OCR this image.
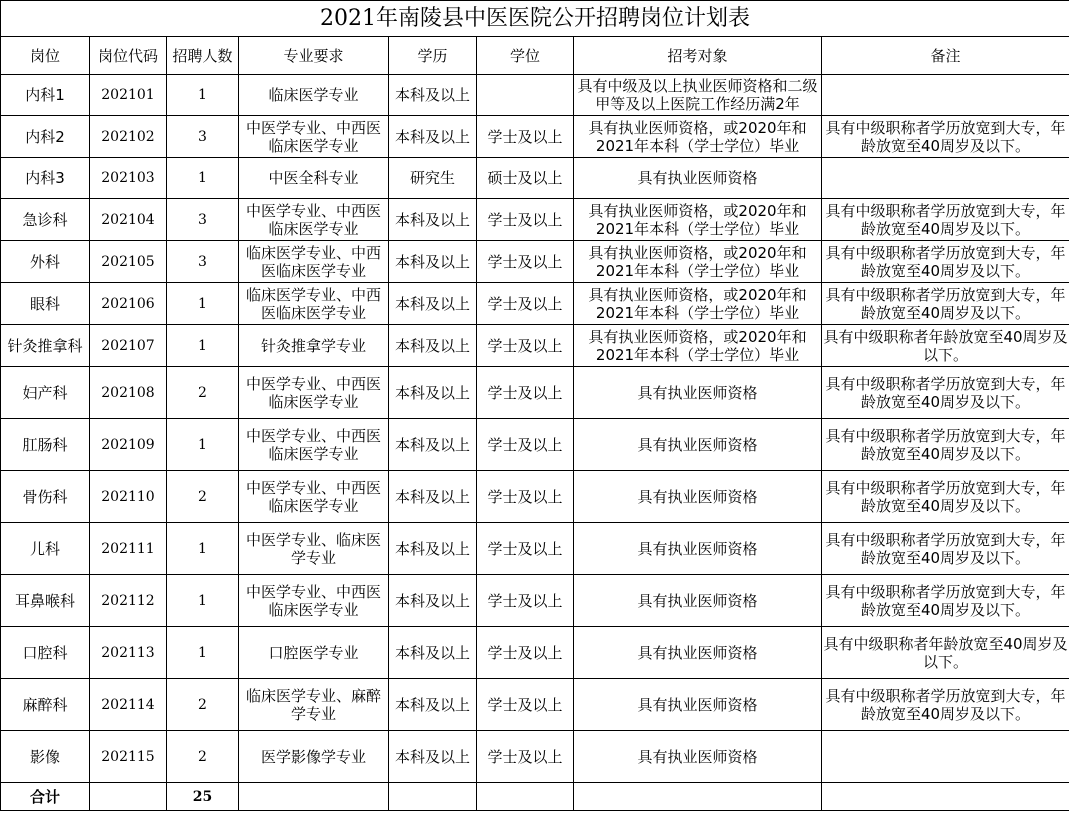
2021年南陵县中医医院公开招聘岗位计划表							
岗位	岗位代码	招聘人数	专业要求	学历	学位	招考对象	备注
内科1	202101	1	临床医学专业	本科及以上		具有中级及以上执业医师资格和二级甲等及以上医院工作经历满2年	
内科2	202102	3	中医学专业、中西医临床医学专业	本科及以上	学士及以上	具有执业医师资格，或2020年和2021年本科（学士学位）毕业	具有中级职称者学历放宽到大专，年龄放宽至40周岁及以下。
内科3	202103	1	中医全科专业	研究生	硕士及以上	具有执业医师资格	
急诊科	202104	3	中医学专业、中西医临床医学专业	本科及以上	学士及以上	具有执业医师资格，或2020年和2021年本科（学士学位）毕业	具有中级职称者学历放宽到大专，年龄放宽至40周岁及以下。
外科	202105	3	临床医学专业、中西医临床医学专业	本科及以上	学士及以上	具有执业医师资格，或2020年和2021年本科（学士学位）毕业	具有中级职称者学历放宽到大专，年龄放宽至40周岁及以下。
眼科	202106	1	临床医学专业、中西医临床医学专业	本科及以上	学士及以上	具有执业医师资格，或2020年和2021年本科（学士学位）毕业	具有中级职称者学历放宽到大专，年龄放宽至40周岁及以下。
针灸推拿科	202107	1	针灸推拿学专业	本科及以上	学士及以上	具有执业医师资格，或2020年和2021年本科（学士学位）毕业	具有中级职称者年龄放宽至40周岁及以下。
妇产科	202108	2	中医学专业、中西医临床医学专业	本科及以上	学士及以上	具有执业医师资格	具有中级职称者学历放宽到大专，年龄放宽至40周岁及以下。
肛肠科	202109	1	中医学专业、中西医临床医学专业	本科及以上	学士及以上	具有执业医师资格	具有中级职称者学历放宽到大专，年龄放宽至40周岁及以下。
骨伤科	202110	2	中医学专业、中西医临床医学专业	本科及以上	学士及以上	具有执业医师资格	具有中级职称者学历放宽到大专，年龄放宽至40周岁及以下。
儿科	202111	1	中医学专业、临床医学专业	本科及以上	学士及以上	具有执业医师资格	具有中级职称者学历放宽到大专，年龄放宽至40周岁及以下。
耳鼻喉科	202112	1	中医学专业、中西医临床医学专业	本科及以上	学士及以上	具有执业医师资格	具有中级职称者学历放宽到大专，年龄放宽至40周岁及以下。
口腔科	202113	1	口腔医学专业	本科及以上	学士及以上	具有执业医师资格	具有中级职称者年龄放宽至40周岁及以下。
麻醉科	202114	2	临床医学专业、麻醉学专业	本科及以上	学士及以上	具有执业医师资格	具有中级职称者学历放宽到大专，年龄放宽至40周岁及以下。
影像	202115	2	医学影像学专业	本科及以上	学士及以上	具有执业医师资格	
合计		25					
